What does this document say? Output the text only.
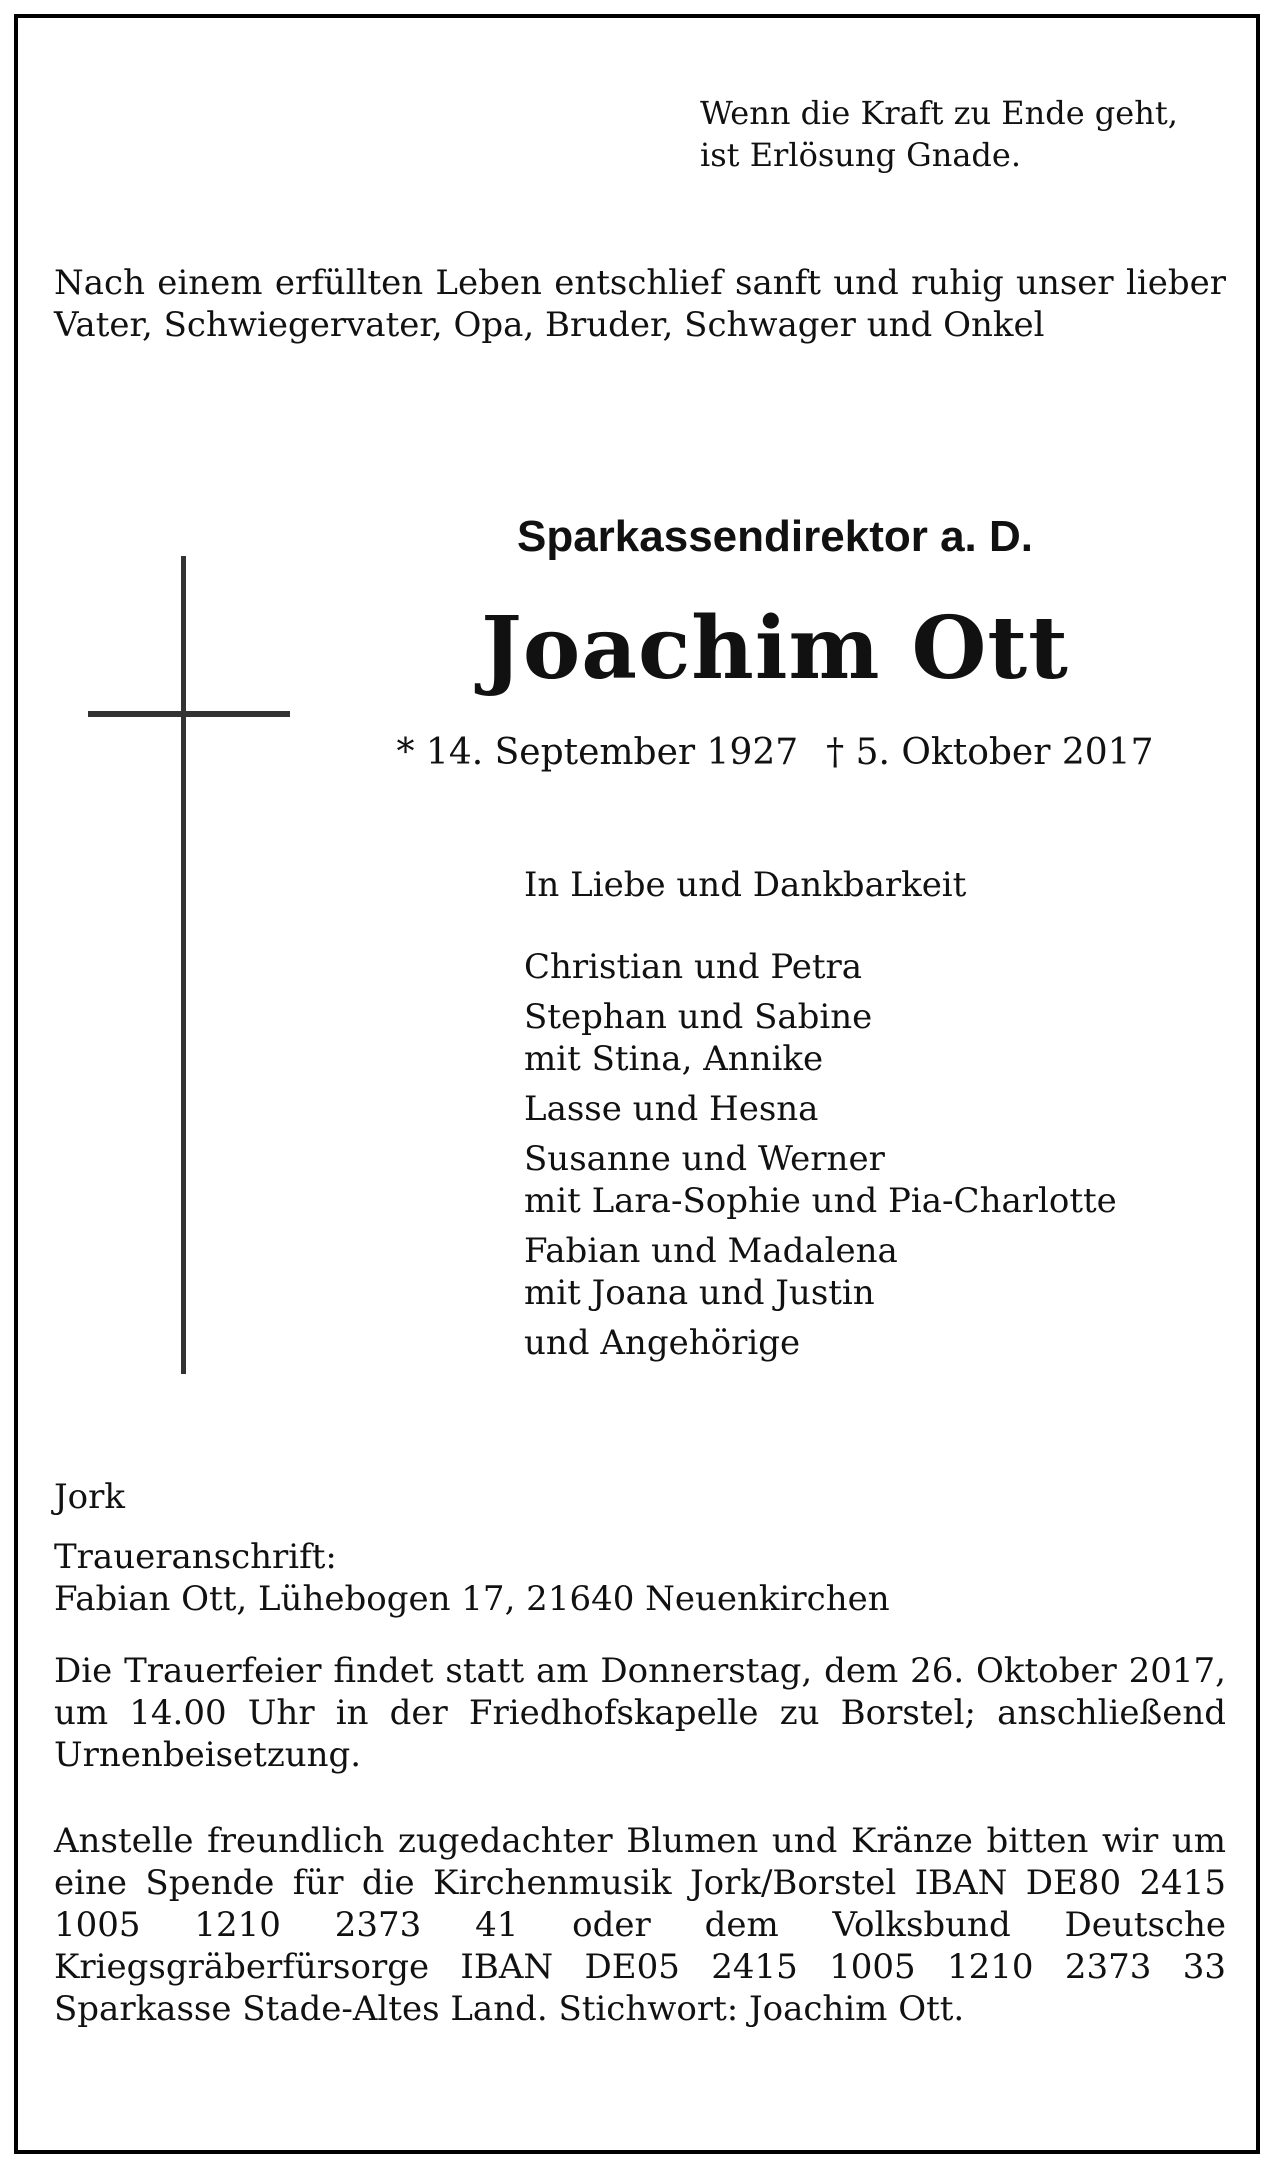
Wenn die Kraft zu Ende geht,
ist Erlösung Gnade.
Nach einem erfüllten Leben entschlief sanft und ruhig unser lieber Vater, Schwiegervater, Opa, Bruder, Schwager und Onkel
Sparkassendirektor a. D.
Joachim Ott
* 14. September 1927 † 5. Oktober 2017
In Liebe und Dankbarkeit
Christian und Petra
Stephan und Sabine
mit Stina, Annike
Lasse und Hesna
Susanne und Werner
mit Lara-Sophie und Pia-Charlotte
Fabian und Madalena
mit Joana und Justin
und Angehörige
Jork
Traueranschrift:
Fabian Ott, Lühebogen 17, 21640 Neuenkirchen
Die Trauerfeier findet statt am Donnerstag, dem 26. Oktober 2017, um 14.00 Uhr in der Friedhofskapelle zu Borstel; anschließend Urnenbeisetzung.
Anstelle freundlich zugedachter Blumen und Kränze bitten wir um eine Spende für die Kirchenmusik Jork/Borstel IBAN DE80 2415 1005 1210 2373 41 oder dem Volksbund Deutsche Kriegsgräberfürsorge IBAN DE05 2415 1005 1210 2373 33 Sparkasse Stade-Altes Land. Stichwort: Joachim Ott.
